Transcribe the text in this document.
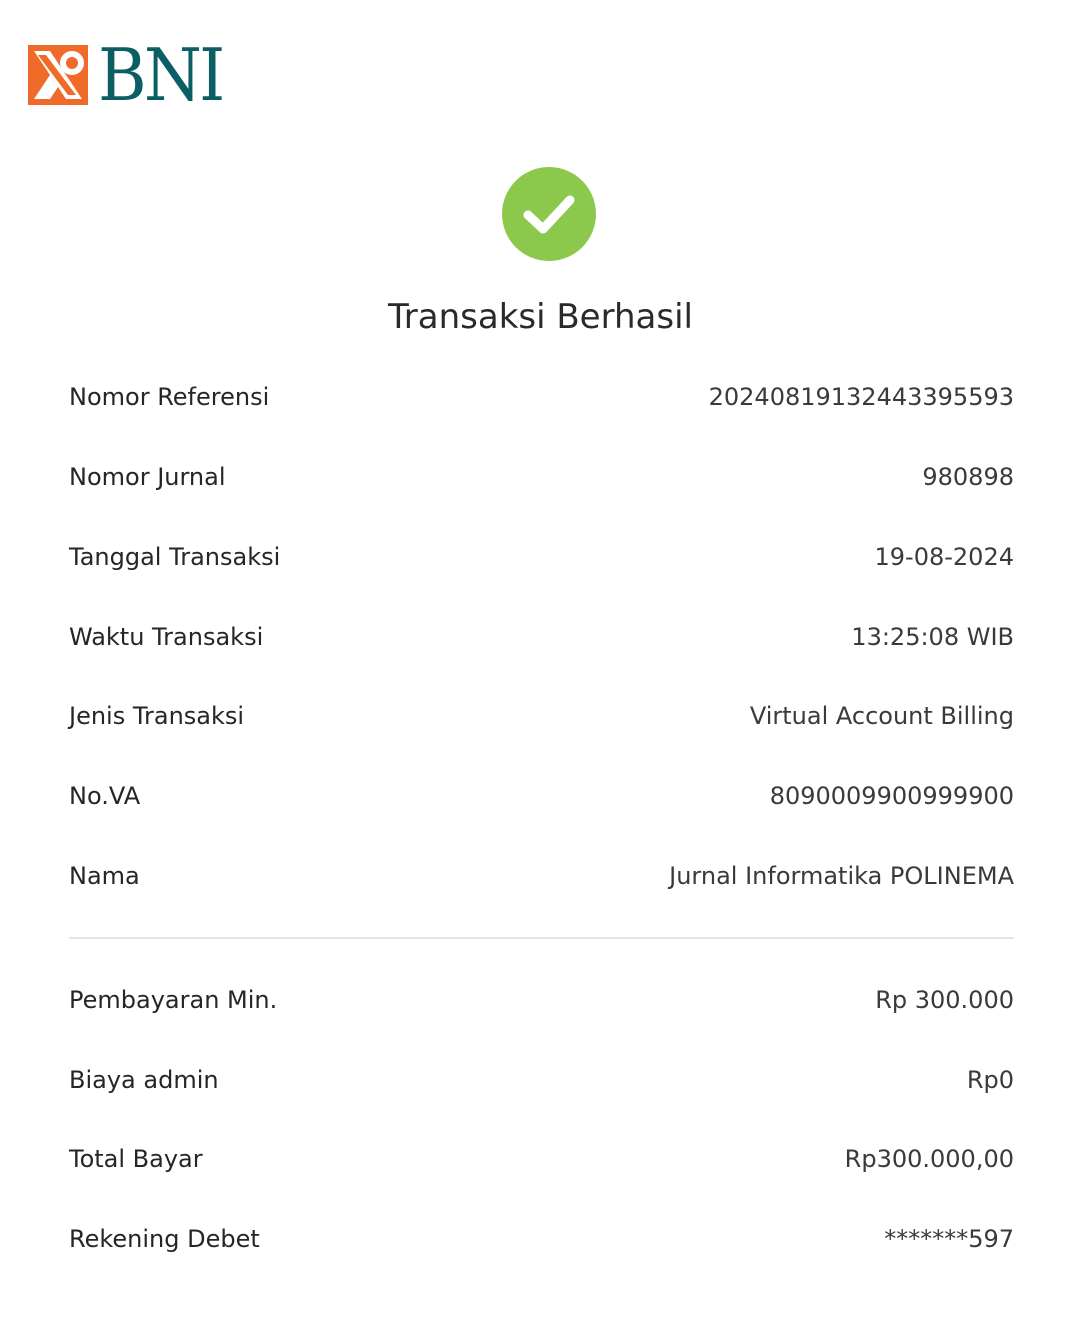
BNI
Transaksi Berhasil
Nomor Referensi	20240819132443395593
Nomor Jurnal	980898
Tanggal Transaksi	19-08-2024
Waktu Transaksi	13:25:08 WIB
Jenis Transaksi	Virtual Account Billing
No.VA	8090009900999900
Nama	Jurnal Informatika POLINEMA
Pembayaran Min.	Rp 300.000
Biaya admin	Rp0
Total Bayar	Rp300.000,00
Rekening Debet	*******597
